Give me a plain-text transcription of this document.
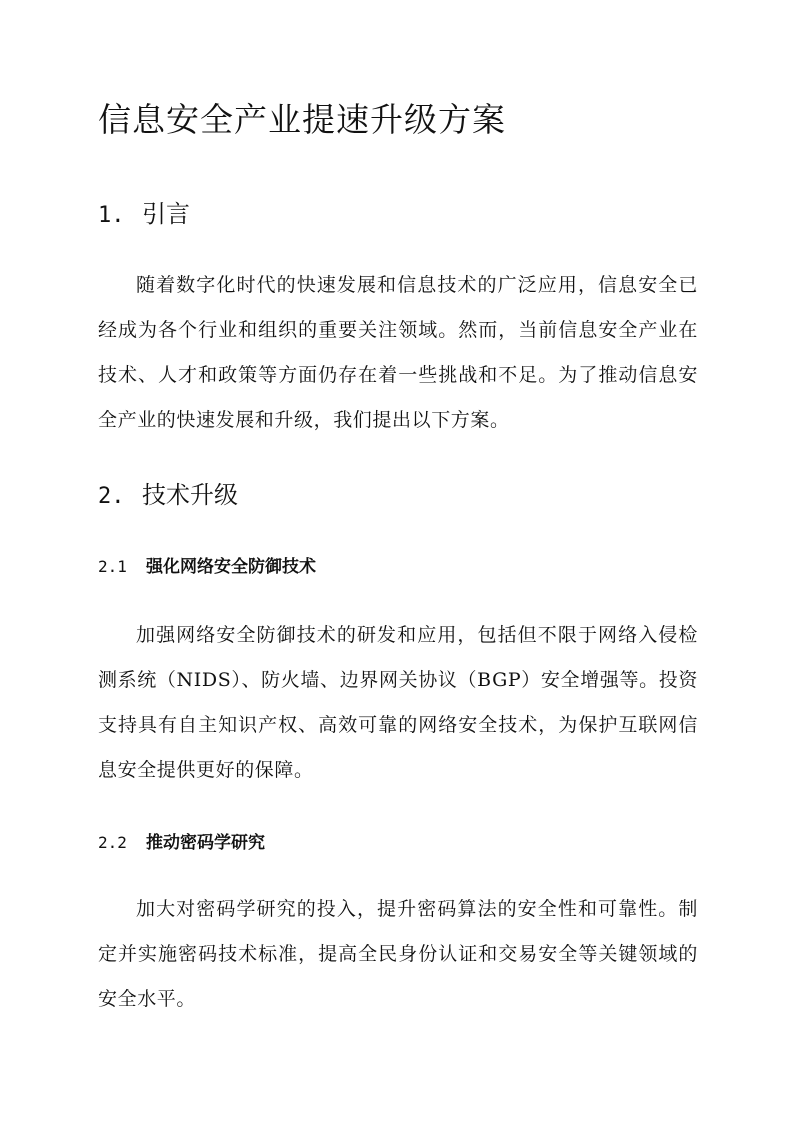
信息安全产业提速升级方案
1. 引言

随着数字化时代的快速发展和信息技术的广泛应用，信息安全已经成为各个行业和组织的重要关注领域。然而，当前信息安全产业在技术、人才和政策等方面仍存在着一些挑战和不足。为了推动信息安全产业的快速发展和升级，我们提出以下方案。

2. 技术升级
2.1 强化网络安全防御技术

加强网络安全防御技术的研发和应用，包括但不限于网络入侵检测系统（NIDS）、防火墙、边界网关协议（BGP）安全增强等。投资支持具有自主知识产权、高效可靠的网络安全技术，为保护互联网信息安全提供更好的保障。

2.2 推动密码学研究

加大对密码学研究的投入，提升密码算法的安全性和可靠性。制定并实施密码技术标准，提高全民身份认证和交易安全等关键领域的安全水平。
